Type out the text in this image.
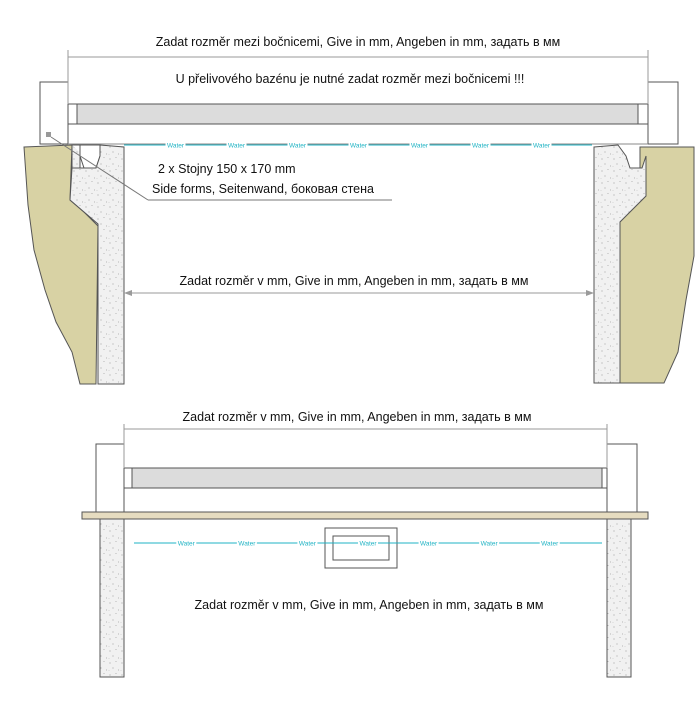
Zadat rozměr mezi bočnicemi, Give in mm, Angeben in mm, задать в мм
U přelivového bazénu je nutné zadat rozměr mezi bočnicemi !!!
Water	Water	Water	Water	Water	Water	Water
2 x Stojny 150 x 170 mm
Side forms, Seitenwand, боковая стена
Zadat rozměr v mm, Give in mm, Angeben in mm, задать в мм
Zadat rozměr v mm, Give in mm, Angeben in mm, задать в мм
Water	Water	Water	Water	Water	Water	Water
Zadat rozměr v mm, Give in mm, Angeben in mm, задать в мм
